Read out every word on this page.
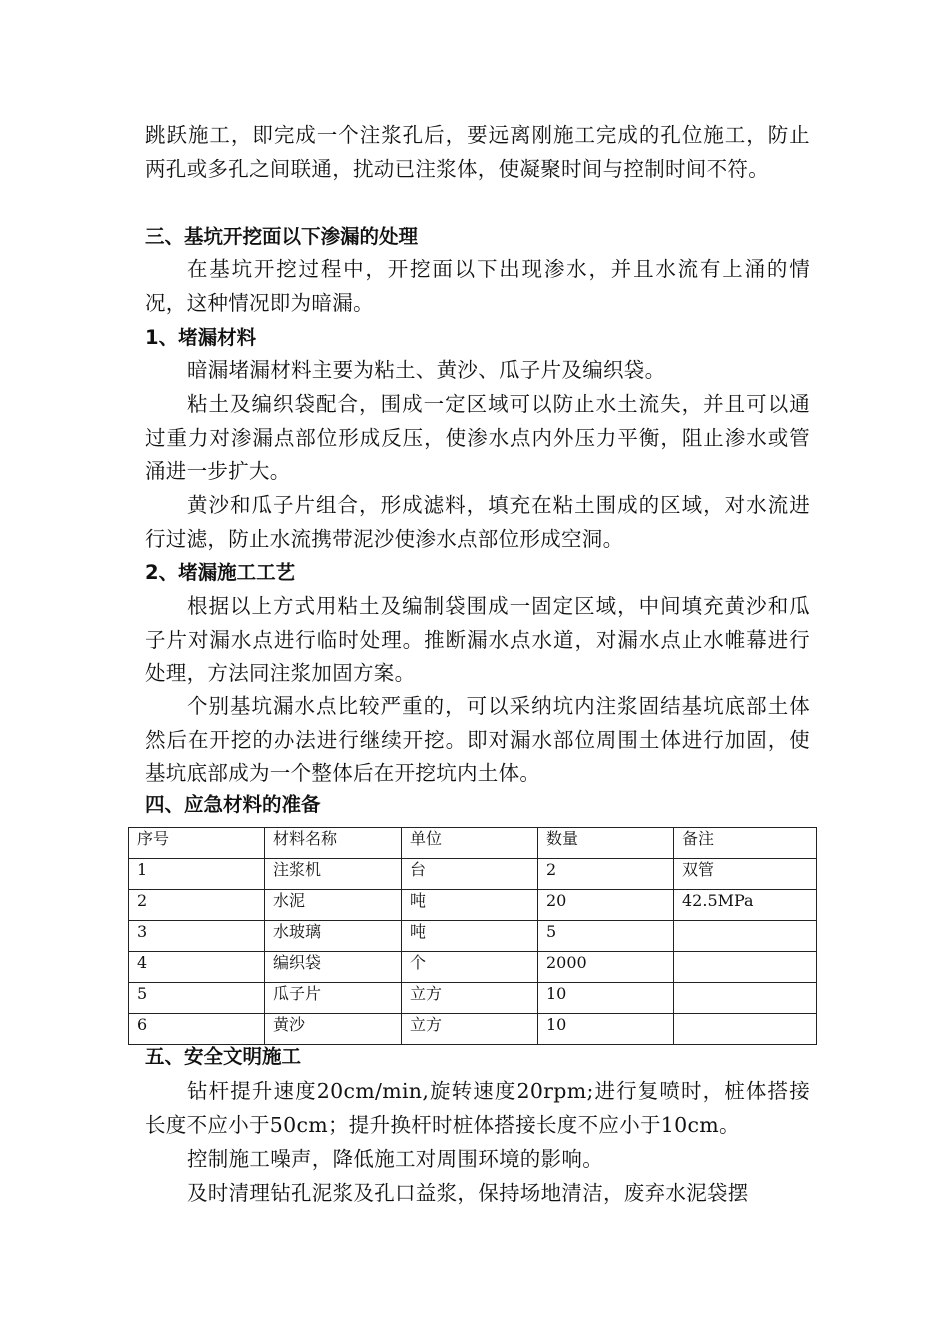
跳跃施工，即完成一个注浆孔后，要远离刚施工完成的孔位施工，防止两孔或多孔之间联通，扰动已注浆体，使凝聚时间与控制时间不符。

三、基坑开挖面以下渗漏的处理

在基坑开挖过程中，开挖面以下出现渗水，并且水流有上涌的情况，这种情况即为暗漏。

1、堵漏材料

暗漏堵漏材料主要为粘土、黄沙、瓜子片及编织袋。

粘土及编织袋配合，围成一定区域可以防止水土流失，并且可以通过重力对渗漏点部位形成反压，使渗水点内外压力平衡，阻止渗水或管涌进一步扩大。

黄沙和瓜子片组合，形成滤料，填充在粘土围成的区域，对水流进行过滤，防止水流携带泥沙使渗水点部位形成空洞。

2、堵漏施工工艺

根据以上方式用粘土及编制袋围成一固定区域，中间填充黄沙和瓜子片对漏水点进行临时处理。推断漏水点水道，对漏水点止水帷幕进行处理，方法同注浆加固方案。

个别基坑漏水点比较严重的，可以采纳坑内注浆固结基坑底部土体然后在开挖的办法进行继续开挖。即对漏水部位周围土体进行加固，使基坑底部成为一个整体后在开挖坑内土体。

四、应急材料的准备
序号	材料名称	单位	数量	备注
1	注浆机	台	2	双管
2	水泥	吨	20	42.5MPa
3	水玻璃	吨	5	
4	编织袋	个	2000	
5	瓜子片	立方	10	
6	黄沙	立方	10	
五、安全文明施工

钻杆提升速度20cm/min,旋转速度20rpm;进行复喷时，桩体搭接长度不应小于50cm；提升换杆时桩体搭接长度不应小于10cm。

控制施工噪声，降低施工对周围环境的影响。

及时清理钻孔泥浆及孔口益浆，保持场地清洁，废弃水泥袋摆
